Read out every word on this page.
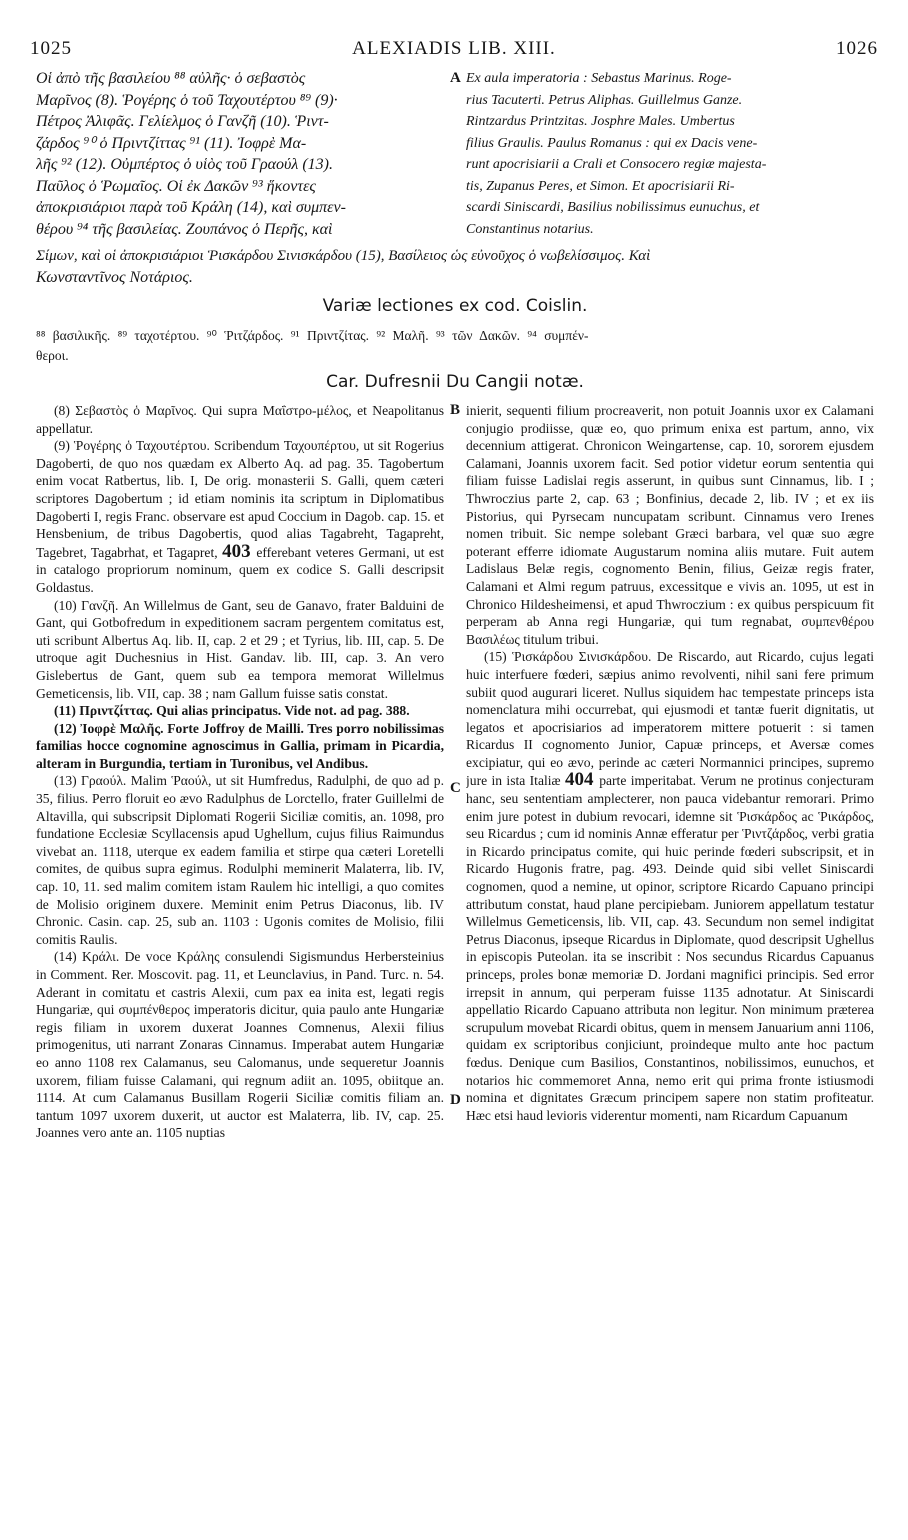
1025	ALEXIADIS LIB. XIII.	1026
Οἱ ἀπὸ τῆς βασιλείου ⁸⁸ αὐλῆς· ὁ σεβαστὸς
Μαρῖνος (8). Ῥογέρης ὁ τοῦ Ταχουτέρτου ⁸⁹ (9)·
Πέτρος Ἀλιφᾶς. Γελίελμος ὁ Γανζῆ (10). Ῥιντ-
ζάρδος ⁹⁰ ὁ Πριντζίττας ⁹¹ (11). Ἰοφρὲ Μα-
λῆς ⁹² (12). Οὐμπέρτος ὁ υἱὸς τοῦ Γραούλ (13).
Παῦλος ὁ Ῥωμαῖος. Οἱ ἐκ Δακῶν ⁹³ ἥκοντες
ἀποκρισιάριοι παρὰ τοῦ Κράλη (14), καὶ συμπεν-
θέρου ⁹⁴ τῆς βασιλείας. Ζουπάνος ὁ Περῆς, καὶ
A Ex aula imperatoria : Sebastus Marinus. Roge-
rius Tacuterti. Petrus Aliphas. Guillelmus Ganze.
Rintzardus Printzitas. Josphre Males. Umbertus
filius Graulis. Paulus Romanus : qui ex Dacis vene-
runt apocrisiarii a Crali et Consocero regiæ majesta-
tis, Zupanus Peres, et Simon. Et apocrisiarii Ri-
scardi Siniscardi, Basilius nobilissimus eunuchus, et
Constantinus notarius.
Σίμων, καὶ οἱ ἀποκρισιάριοι Ῥισκάρδου Σινισκάρδου (15), Βασίλειος ὡς εὐνοῦχος ὁ νωβελίσσιμος. Καὶ
Κωνσταντῖνος Νοτάριος.
Variæ lectiones ex cod. Coislin.
⁸⁸ βασιλικῆς. ⁸⁹ ταχοτέρτου. ⁹⁰ Ῥιτζάρδος. ⁹¹ Πριντζίτας. ⁹² Μαλῆ. ⁹³ τῶν Δακῶν. ⁹⁴ συμπέν-
θεροι.
Car. Dufresnii Du Cangii notæ.

(8) Σεβαστὸς ὁ Μαρῖνος. Qui supra Μαΐστρο-μέλος, et Neapolitanus appellatur.

(9) Ῥογέρης ὁ Ταχουτέρτου. Scribendum Ταχουπέρτου, ut sit Rogerius Dagoberti, de quo nos quædam ex Alberto Aq. ad pag. 35. Tagobertum enim vocat Ratbertus, lib. I, De orig. monasterii S. Galli, quem cæteri scriptores Dagobertum ; id etiam nominis ita scriptum in Diplomatibus Dagoberti I, regis Franc. observare est apud Coccium in Dagob. cap. 15. et Hensbenium, de tribus Dagobertis, quod alias Tagabreht, Tagapreht, Tagebret, Tagabrhat, et Tagapret, 403 efferebant veteres Germani, ut est in catalogo propriorum nominum, quem ex codice S. Galli descripsit Goldastus.

(10) Γανζῆ. An Willelmus de Gant, seu de Ganavo, frater Balduini de Gant, qui Gotbofredum in expeditionem sacram pergentem comitatus est, uti scribunt Albertus Aq. lib. II, cap. 2 et 29 ; et Tyrius, lib. III, cap. 5. De utroque agit Duchesnius in Hist. Gandav. lib. III, cap. 3. An vero Gislebertus de Gant, quem sub ea tempora memorat Willelmus Gemeticensis, lib. VII, cap. 38 ; nam Gallum fuisse satis constat.

(11) Πριντζίττας. Qui alias principatus. Vide not. ad pag. 388.

(12) Ἰοφρὲ Μαλῆς. Forte Joffroy de Mailli. Tres porro nobilissimas familias hocce cognomine agnoscimus in Gallia, primam in Picardia, alteram in Burgundia, tertiam in Turonibus, vel Andibus.

(13) Γραούλ. Malim Ῥαούλ, ut sit Humfredus, Radulphi, de quo ad p. 35, filius. Perro floruit eo ævo Radulphus de Lorctello, frater Guillelmi de Altavilla, qui subscripsit Diplomati Rogerii Siciliæ comitis, an. 1098, pro fundatione Ecclesiæ Scyllacensis apud Ughellum, cujus filius Raimundus vivebat an. 1118, uterque ex eadem familia et stirpe qua cæteri Loretelli comites, de quibus supra egimus. Rodulphi meminerit Malaterra, lib. IV, cap. 10, 11. sed malim comitem istam Raulem hic intelligi, a quo comites de Molisio originem duxere. Meminit enim Petrus Diaconus, lib. IV Chronic. Casin. cap. 25, sub an. 1103 : Ugonis comites de Molisio, filii comitis Raulis.

(14) Κράλι. De voce Κράλης consulendi Sigismundus Herbersteinius in Comment. Rer. Moscovit. pag. 11, et Leunclavius, in Pand. Turc. n. 54. Aderant in comitatu et castris Alexii, cum pax ea inita est, legati regis Hungariæ, qui συμπένθερος imperatoris dicitur, quia paulo ante Hungariæ regis filiam in uxorem duxerat Joannes Comnenus, Alexii filius primogenitus, uti narrant Zonaras Cinnamus. Imperabat autem Hungariæ eo anno 1108 rex Calamanus, seu Calomanus, unde sequeretur Joannis uxorem, filiam fuisse Calamani, qui regnum adiit an. 1095, obiitque an. 1114. At cum Calamanus Busillam Rogerii Siciliæ comitis filiam an. tantum 1097 uxorem duxerit, ut auctor est Malaterra, lib. IV, cap. 25. Joannes vero ante an. 1105 nuptias

B
C
D

inierit, sequenti filium procreaverit, non potuit Joannis uxor ex Calamani conjugio prodiisse, quæ eo, quo primum enixa est partum, anno, vix decennium attigerat. Chronicon Weingartense, cap. 10, sororem ejusdem Calamani, Joannis uxorem facit. Sed potior videtur eorum sententia qui filiam fuisse Ladislai regis asserunt, in quibus sunt Cinnamus, lib. I ; Thwroczius parte 2, cap. 63 ; Bonfinius, decade 2, lib. IV ; et ex iis Pistorius, qui Pyrsecam nuncupatam scribunt. Cinnamus vero Irenes nomen tribuit. Sic nempe solebant Græci barbara, vel quæ suo ægre poterant efferre idiomate Augustarum nomina aliis mutare. Fuit autem Ladislaus Belæ regis, cognomento Benin, filius, Geizæ regis frater, Calamani et Almi regum patruus, excessitque e vivis an. 1095, ut est in Chronico Hildesheimensi, et apud Thwroczium : ex quibus perspicuum fit perperam ab Anna regi Hungariæ, qui tum regnabat, συμπενθέρου Βασιλέως titulum tribui.

(15) Ῥισκάρδου Σινισκάρδου. De Riscardo, aut Ricardo, cujus legati huic interfuere fœderi, sæpius animo revolventi, nihil sani fere primum subiit quod augurari liceret. Nullus siquidem hac tempestate princeps ista nomenclatura mihi occurrebat, qui ejusmodi et tantæ fuerit dignitatis, ut legatos et apocrisiarios ad imperatorem mittere potuerit : si tamen Ricardus II cognomento Junior, Capuæ princeps, et Aversæ comes excipiatur, qui eo ævo, perinde ac cæteri Normannici principes, supremo jure in ista Italiæ 404 parte imperitabat. Verum ne protinus conjecturam hanc, seu sententiam amplecterer, non pauca videbantur remorari. Primo enim jure potest in dubium revocari, idemne sit Ῥισκάρδος ac Ῥικάρδος, seu Ricardus ; cum id nominis Annæ efferatur per Ῥιντζάρδος, verbi gratia in Ricardo principatus comite, qui huic perinde fœderi subscripsit, et in Ricardo Hugonis fratre, pag. 493. Deinde quid sibi vellet Siniscardi cognomen, quod a nemine, ut opinor, scriptore Ricardo Capuano principi attributum constat, haud plane percipiebam. Juniorem appellatum testatur Willelmus Gemeticensis, lib. VII, cap. 43. Secundum non semel indigitat Petrus Diaconus, ipseque Ricardus in Diplomate, quod descripsit Ughellus in episcopis Puteolan. ita se inscribit : Nos secundus Ricardus Capuanus princeps, proles bonæ memoriæ D. Jordani magnifici principis. Sed error irrepsit in annum, qui perperam fuisse 1135 adnotatur. At Siniscardi appellatio Ricardo Capuano attributa non legitur. Non minimum præterea scrupulum movebat Ricardi obitus, quem in mensem Januarium anni 1106, quidam ex scriptoribus conjiciunt, proindeque multo ante hoc pactum fœdus. Denique cum Basilios, Constantinos, nobilissimos, eunuchos, et notarios hic commemoret Anna, nemo erit qui prima fronte istiusmodi nomina et dignitates Græcum principem sapere non statim profiteatur. Hæc etsi haud levioris viderentur momenti, nam Ricardum Capuanum
